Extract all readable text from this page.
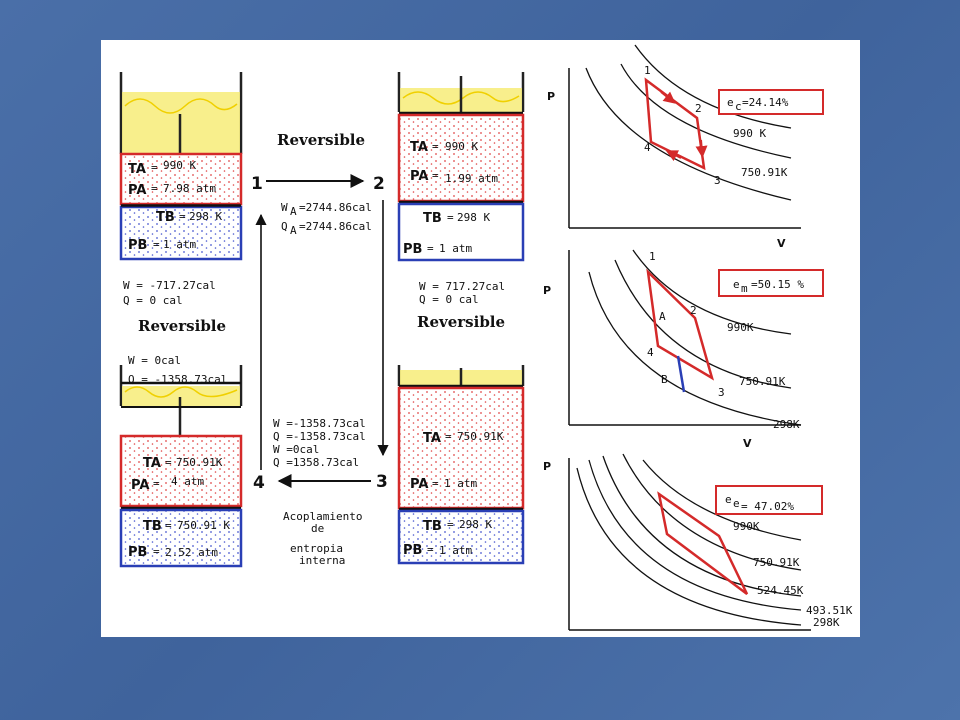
TA = 990 K
PA = 7.98 atm
TB = 298 K
PB = 1 atm
TA = 990 K
PA = 1.99 atm
TB = 298 K
PB = 1 atm
TA = 750.91K
PA = 4 atm
TB = 750.91 K
PB = 2.52 atm
TA = 750.91K
PA = 1 atm
TB = 298 K
PB = 1 atm
Reversible
1	2
W A =2744.86cal
Q A =2744.86cal
W = 717.27cal
Q = 0 cal
Reversible
W =-1358.73cal
Q =-1358.73cal
W =0cal
Q =1358.73cal
3
4
Acoplamiento
de
entropia
interna
W = -717.27cal
Q = 0 cal
Reversible
W = 0cal
Q = -1358.73cal
P
V
1
2
3
4
e c =24.14%
990 K
750.91K
P
V
1
2
3
4
A
B
e m =50.15 %
990K
750.91K
298K
P
e e = 47.02%
990K
750.91K
524.45K
493.51K
298K
